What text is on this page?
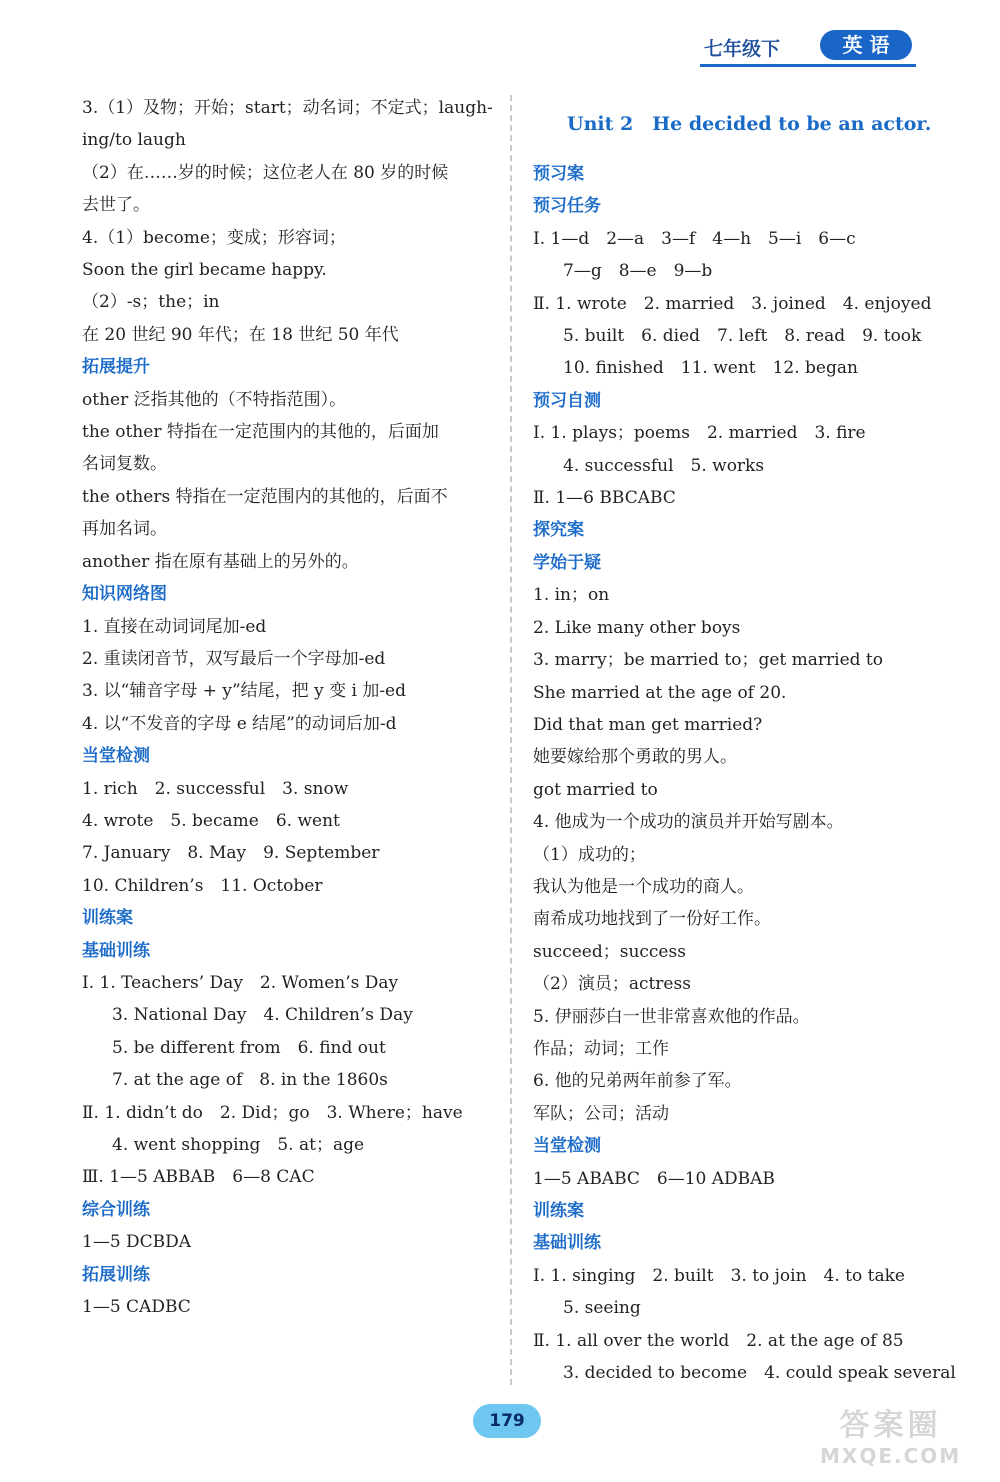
七年级下	英 语
3.（1）及物；开始；start；动名词；不定式；laugh-
ing/to laugh
（2）在……岁的时候；这位老人在 80 岁的时候
去世了。
4.（1）become；变成；形容词；
Soon the girl became happy.
（2）-s；the；in
在 20 世纪 90 年代；在 18 世纪 50 年代
拓展提升
other 泛指其他的（不特指范围）。
the other 特指在一定范围内的其他的，后面加
名词复数。
the others 特指在一定范围内的其他的，后面不
再加名词。
another 指在原有基础上的另外的。
知识网络图
1. 直接在动词词尾加-ed
2. 重读闭音节，双写最后一个字母加-ed
3. 以“辅音字母 + y”结尾，把 y 变 i 加-ed
4. 以“不发音的字母 e 结尾”的动词后加-d
当堂检测
1. rich　2. successful　3. snow
4. wrote　5. became　6. went
7. January　8. May　9. September
10. Children’s　11. October
训练案
基础训练
Ⅰ. 1. Teachers’ Day　2. Women’s Day
3. National Day　4. Children’s Day
5. be different from　6. find out
7. at the age of　8. in the 1860s
Ⅱ. 1. didn’t do　2. Did；go　3. Where；have
4. went shopping　5. at；age
Ⅲ. 1—5 ABBAB　6—8 CAC
综合训练
1—5 DCBDA
拓展训练
1—5 CADBC
Unit 2　He decided to be an actor.
预习案
预习任务
Ⅰ. 1—d　2—a　3—f　4—h　5—i　6—c
7—g　8—e　9—b
Ⅱ. 1. wrote　2. married　3. joined　4. enjoyed
5. built　6. died　7. left　8. read　9. took
10. finished　11. went　12. began
预习自测
Ⅰ. 1. plays；poems　2. married　3. fire
4. successful　5. works
Ⅱ. 1—6 BBCABC
探究案
学始于疑
1. in；on
2. Like many other boys
3. marry；be married to；get married to
She married at the age of 20.
Did that man get married?
她要嫁给那个勇敢的男人。
got married to
4. 他成为一个成功的演员并开始写剧本。
（1）成功的；
我认为他是一个成功的商人。
南希成功地找到了一份好工作。
succeed；success
（2）演员；actress
5. 伊丽莎白一世非常喜欢他的作品。
作品；动词；工作
6. 他的兄弟两年前参了军。
军队；公司；活动
当堂检测
1—5 ABABC　6—10 ADBAB
训练案
基础训练
Ⅰ. 1. singing　2. built　3. to join　4. to take
5. seeing
Ⅱ. 1. all over the world　2. at the age of 85
3. decided to become　4. could speak several
179	答案圈
MXQE.COM
